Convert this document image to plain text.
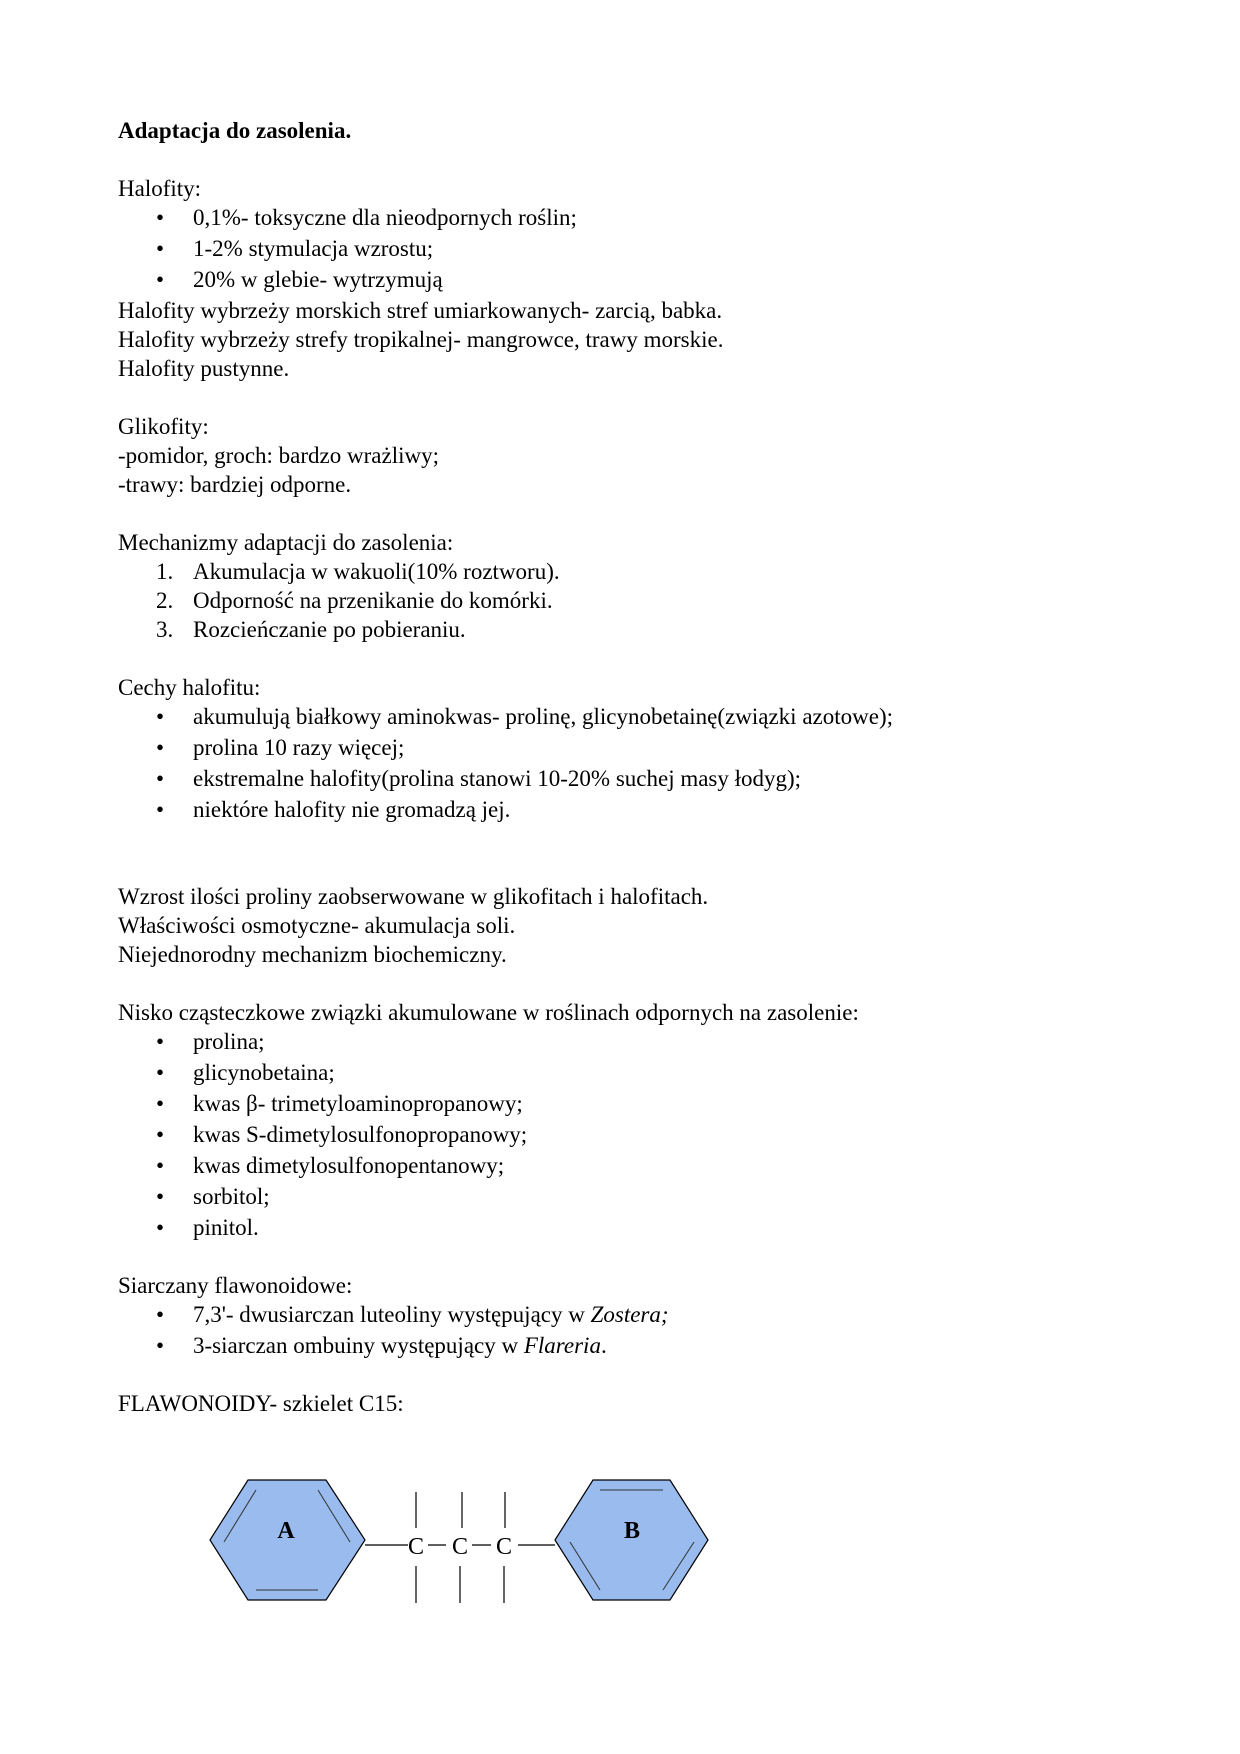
Adaptacja do zasolenia.

Halofity:

• 0,1%- toksyczne dla nieodpornych roślin;
• 1-2% stymulacja wzrostu;
• 20% w glebie- wytrzymują

Halofity wybrzeży morskich stref umiarkowanych- zarcią, babka.

Halofity wybrzeży strefy tropikalnej- mangrowce, trawy morskie.

Halofity pustynne.

Glikofity:

-pomidor, groch: bardzo wrażliwy;

-trawy: bardziej odporne.

Mechanizmy adaptacji do zasolenia:

1. Akumulacja w wakuoli(10% roztworu).
2. Odporność na przenikanie do komórki.
3. Rozcieńczanie po pobieraniu.

Cechy halofitu:

• akumulują białkowy aminokwas- prolinę, glicynobetainę(związki azotowe);
• prolina 10 razy więcej;
• ekstremalne halofity(prolina stanowi 10-20% suchej masy łodyg);
• niektóre halofity nie gromadzą jej.

Wzrost ilości proliny zaobserwowane w glikofitach i halofitach.

Właściwości osmotyczne- akumulacja soli.

Niejednorodny mechanizm biochemiczny.

Nisko cząsteczkowe związki akumulowane w roślinach odpornych na zasolenie:

• prolina;
• glicynobetaina;
• kwas β- trimetyloaminopropanowy;
• kwas S-dimetylosulfonopropanowy;
• kwas dimetylosulfonopentanowy;
• sorbitol;
• pinitol.

Siarczany flawonoidowe:

• 7,3'- dwusiarczan luteoliny występujący w Zostera;
• 3-siarczan ombuiny występujący w Flareria.

FLAWONOIDY- szkielet C15:

A
C C C
B
